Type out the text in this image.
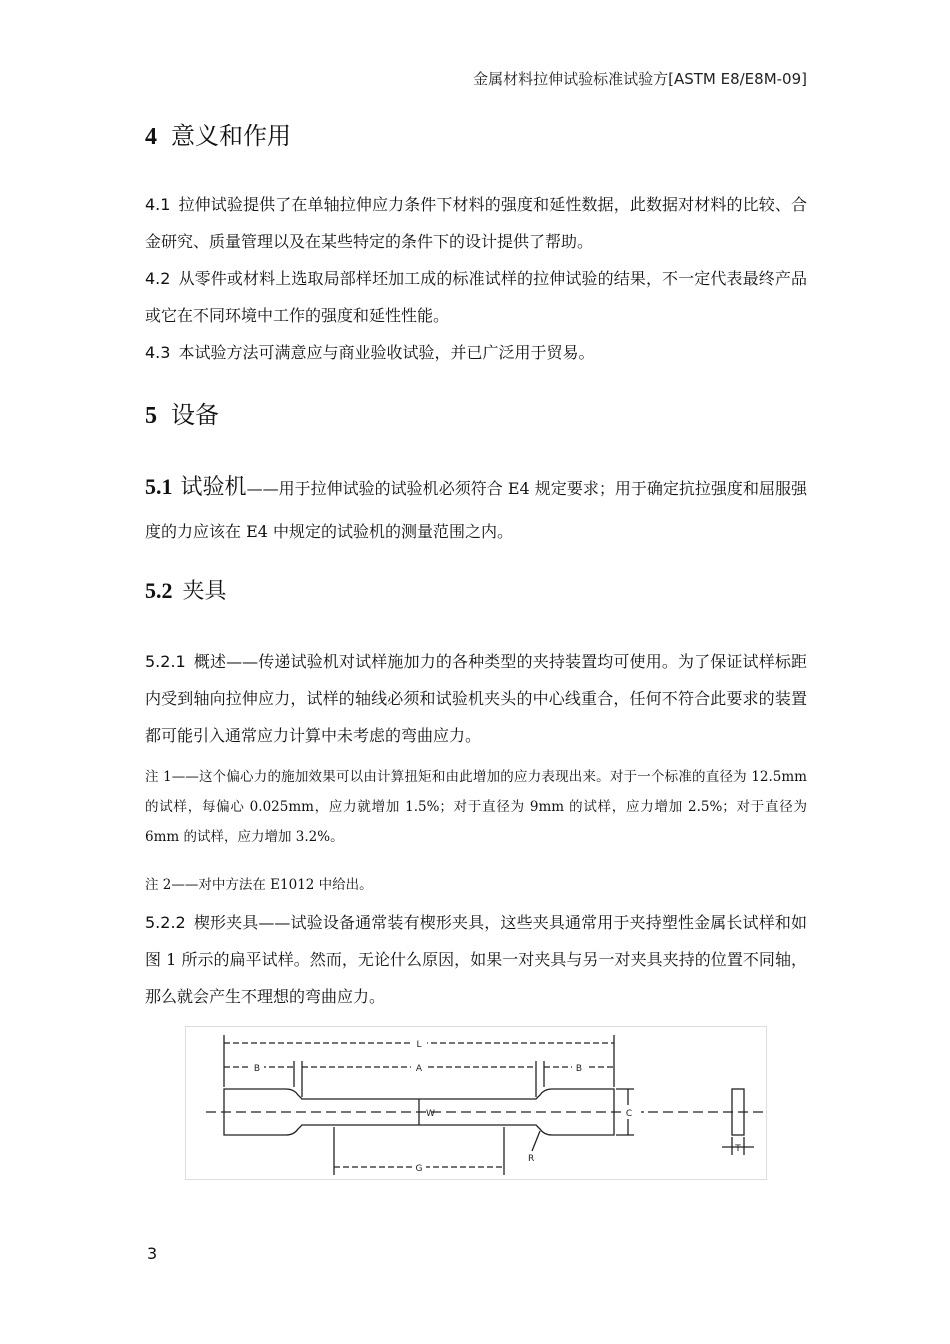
金属材料拉伸试验标准试验方[ASTM E8/E8M-09]
4 意义和作用
4.1 拉伸试验提供了在单轴拉伸应力条件下材料的强度和延性数据，此数据对材料的比较、合金研究、质量管理以及在某些特定的条件下的设计提供了帮助。
4.2 从零件或材料上选取局部样坯加工成的标准试样的拉伸试验的结果，不一定代表最终产品或它在不同环境中工作的强度和延性性能。
4.3 本试验方法可满意应与商业验收试验，并已广泛用于贸易。
5 设备
5.1 试验机——用于拉伸试验的试验机必须符合 E4 规定要求；用于确定抗拉强度和屈服强度的力应该在 E4 中规定的试验机的测量范围之内。
5.2 夹具
5.2.1 概述——传递试验机对试样施加力的各种类型的夹持装置均可使用。为了保证试样标距内受到轴向拉伸应力，试样的轴线必须和试验机夹头的中心线重合，任何不符合此要求的装置都可能引入通常应力计算中未考虑的弯曲应力。
注 1——这个偏心力的施加效果可以由计算扭矩和由此增加的应力表现出来。对于一个标准的直径为 12.5mm 的试样，每偏心 0.025mm，应力就增加 1.5%；对于直径为 9mm 的试样，应力增加 2.5%；对于直径为 6mm 的试样，应力增加 3.2%。
注 2——对中方法在 E1012 中给出。
5.2.2 楔形夹具——试验设备通常装有楔形夹具，这些夹具通常用于夹持塑性金属长试样和如图 1 所示的扁平试样。然而，无论什么原因，如果一对夹具与另一对夹具夹持的位置不同轴，那么就会产生不理想的弯曲应力。
L
B	A	B
W	C
R
G
T
3
